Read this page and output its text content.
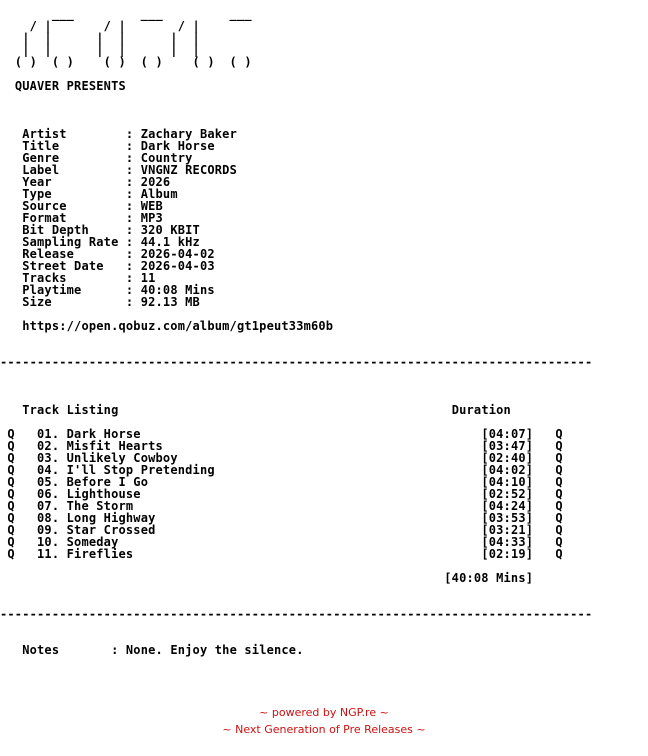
___         ___         ___
/ |       / |       / |
|  |      |  |      |  |
|  |      |  |      |  |
( )  ( )    ( )  ( )    ( )  ( )

QUAVER PRESENTS

Artist	: Zachary Baker
Title	: Dark Horse
Genre	: Country
Label	: VNGNZ RECORDS
Year	: 2026
Type	: Album
Source	: WEB
Format	: MP3
Bit Depth	: 320 KBIT
Sampling Rate : 44.1 kHz
Release	: 2026-04-02
Street Date : 2026-04-03
Tracks	: 11
Playtime	: 40:08 Mins
Size	: 92.13 MB

https://open.qobuz.com/album/gt1peut33m60b

--------------------------------------------------------------------------------

Track Listing	Duration

Q 01. Dark Horse	[04:07] Q
Q 02. Misfit Hearts	[03:47] Q
Q 03. Unlikely Cowboy	[02:40] Q
Q 04. I'll Stop Pretending	[04:02] Q
Q 05. Before I Go	[04:10] Q
Q 06. Lighthouse	[02:52] Q
Q 07. The Storm	[04:24] Q
Q 08. Long Highway	[03:53] Q
Q 09. Star Crossed	[03:21] Q
Q 10. Someday	[04:33] Q
Q 11. Fireflies	[02:19] Q

[40:08 Mins]

--------------------------------------------------------------------------------

Notes	: None. Enjoy the silence.
~ powered by NGP.re ~
~ Next Generation of Pre Releases ~
